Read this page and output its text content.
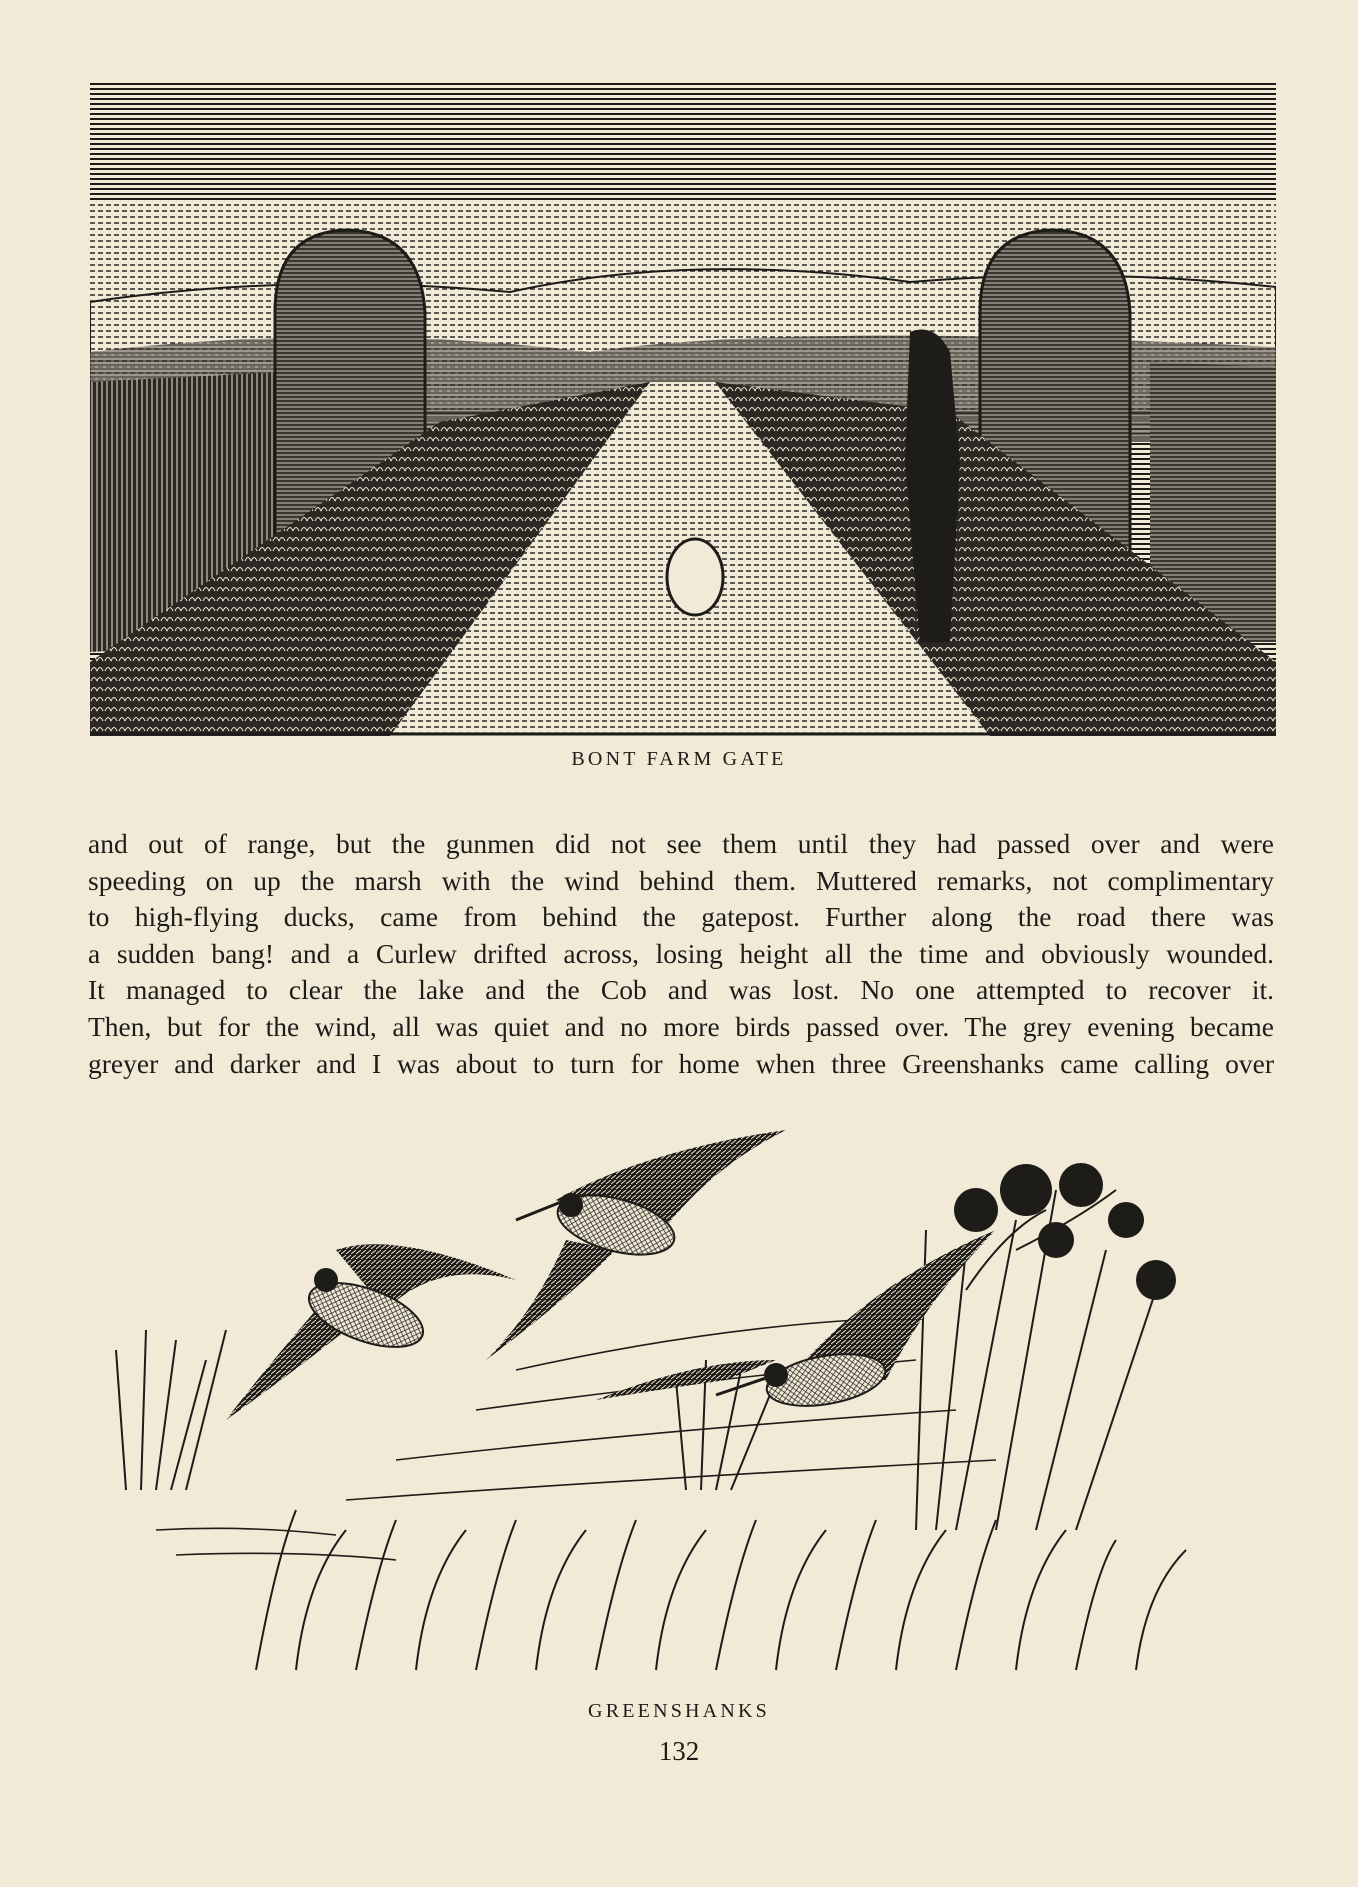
BONT FARM GATE
and out of range, but the gunmen did not see them until they had passed over and were
speeding on up the marsh with the wind behind them. Muttered remarks, not complimentary
to high-flying ducks, came from behind the gatepost. Further along the road there was
a sudden bang! and a Curlew drifted across, losing height all the time and obviously wounded.
It managed to clear the lake and the Cob and was lost. No one attempted to recover it.
Then, but for the wind, all was quiet and no more birds passed over. The grey evening became
greyer and darker and I was about to turn for home when three Greenshanks came calling over
GREENSHANKS
132
